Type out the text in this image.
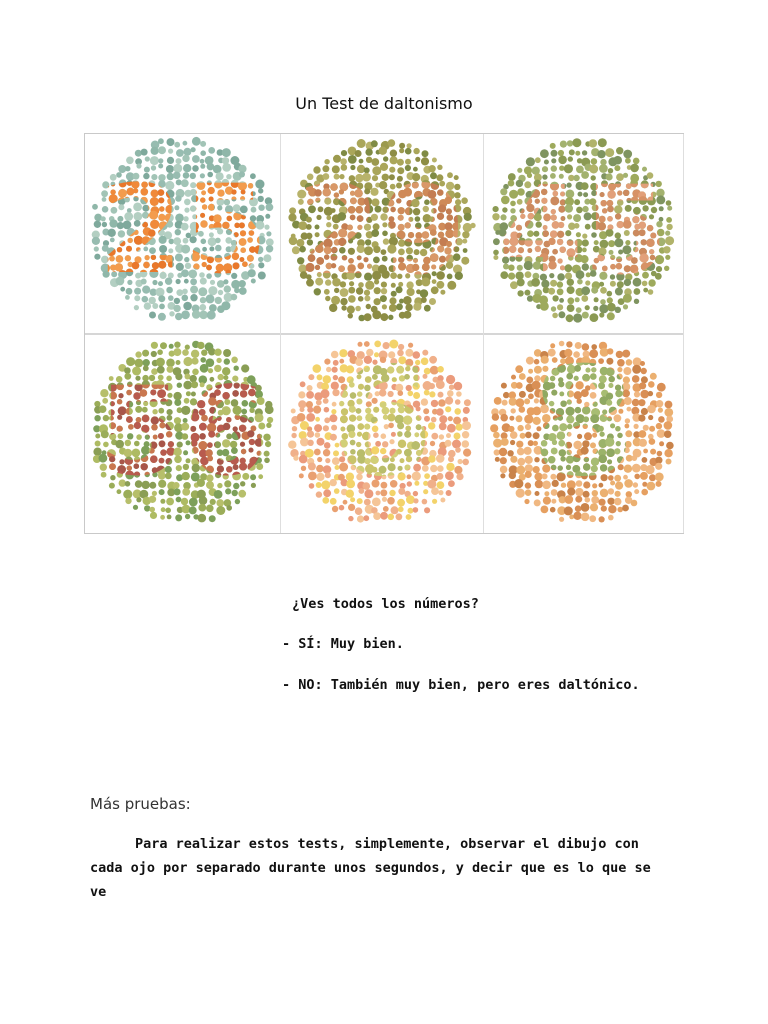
Un Test de daltonismo
¿Ves todos los números?
- SÍ: Muy bien.
- NO: También muy bien, pero eres daltónico.
Más pruebas:
Para realizar estos tests, simplemente, observar el dibujo con cada ojo por separado durante unos segundos, y decir que es lo que se ve
